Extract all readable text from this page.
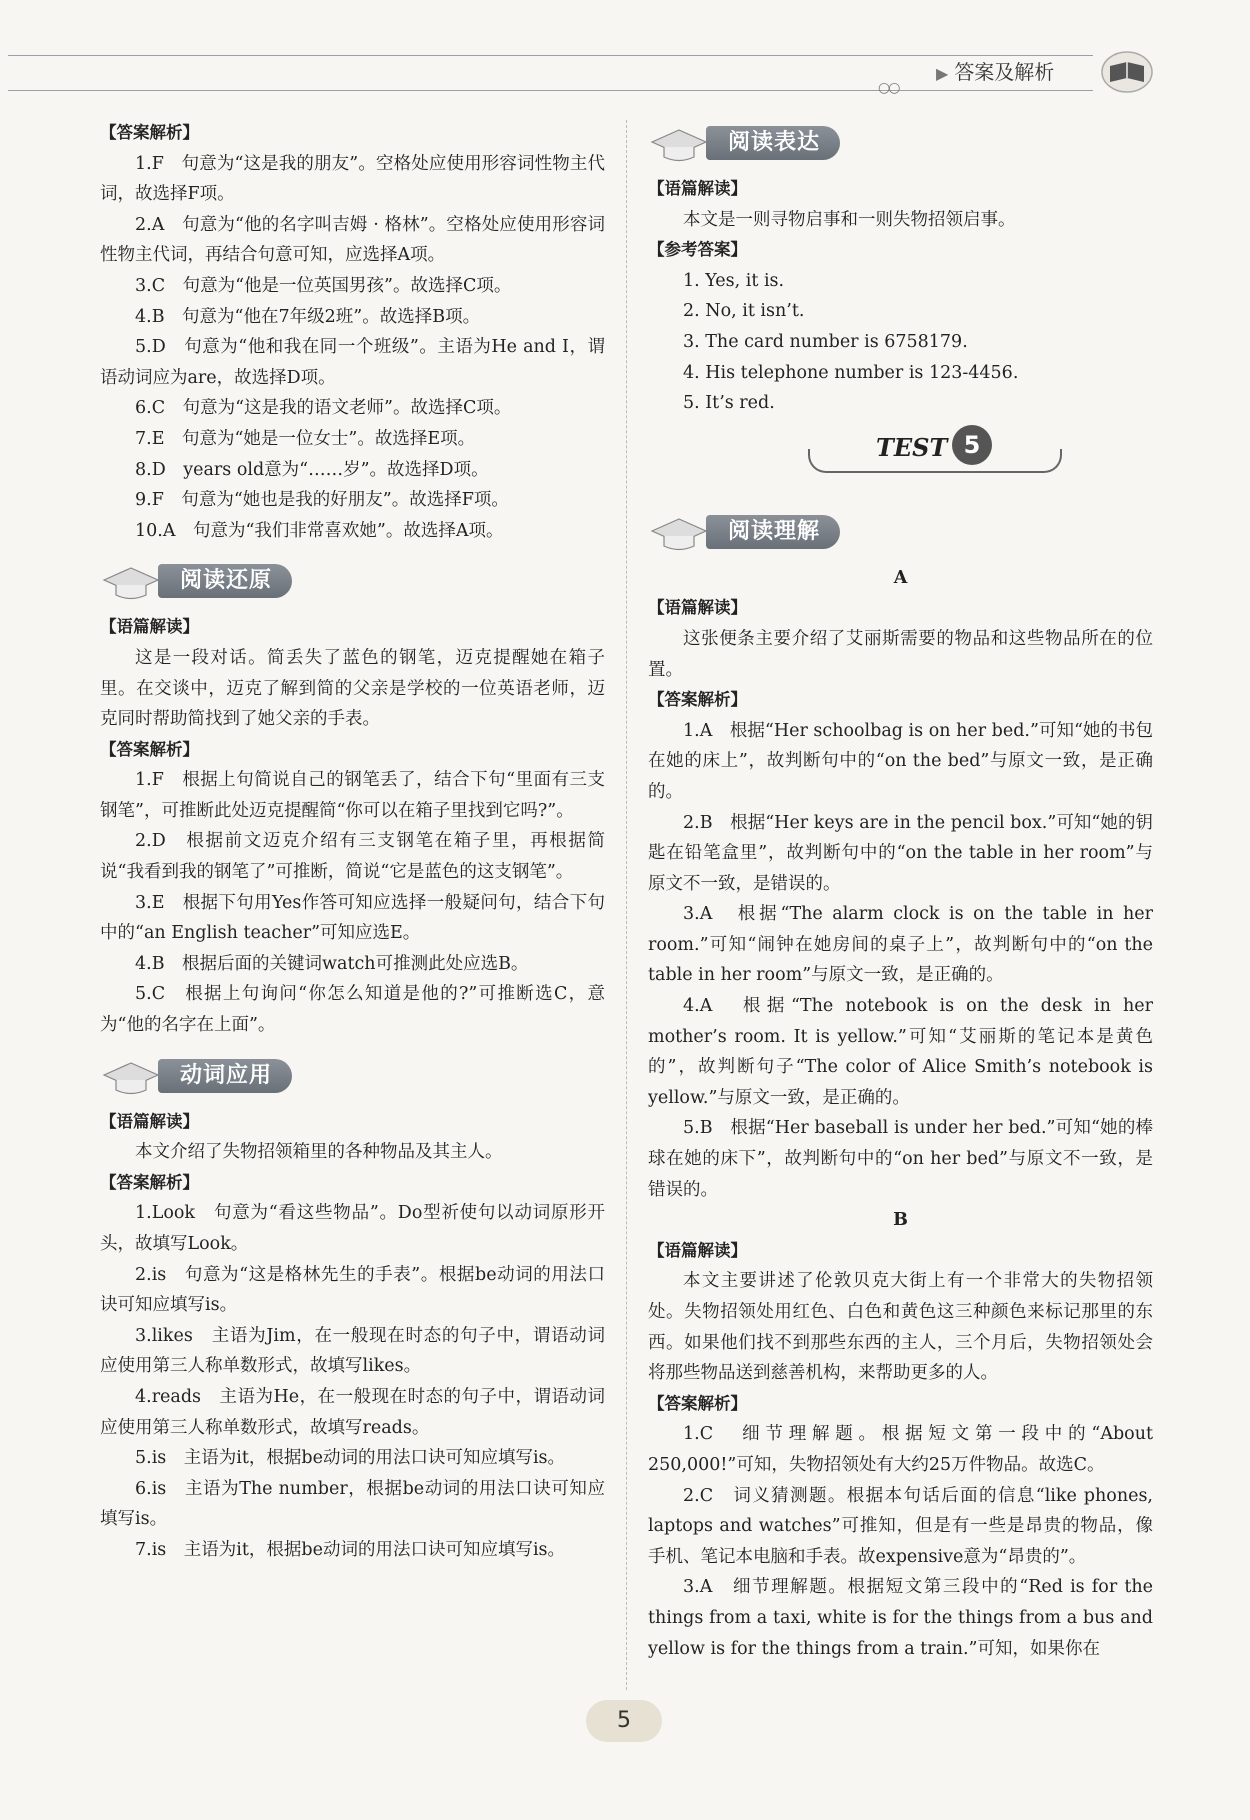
○○
▶ 答案及解析

【答案解析】

1.F　句意为“这是我的朋友”。空格处应使用形容词性物主代词，故选择F项。

2.A　句意为“他的名字叫吉姆 · 格林”。空格处应使用形容词性物主代词，再结合句意可知，应选择A项。

3.C　句意为“他是一位英国男孩”。故选择C项。

4.B　句意为“他在7年级2班”。故选择B项。

5.D　句意为“他和我在同一个班级”。主语为He and I，谓语动词应为are，故选择D项。

6.C　句意为“这是我的语文老师”。故选择C项。

7.E　句意为“她是一位女士”。故选择E项。

8.D　years old意为“……岁”。故选择D项。

9.F　句意为“她也是我的好朋友”。故选择F项。

10.A　句意为“我们非常喜欢她”。故选择A项。

阅读还原

【语篇解读】

这是一段对话。简丢失了蓝色的钢笔，迈克提醒她在箱子里。在交谈中，迈克了解到简的父亲是学校的一位英语老师，迈克同时帮助简找到了她父亲的手表。

【答案解析】

1.F　根据上句简说自己的钢笔丢了，结合下句“里面有三支钢笔”，可推断此处迈克提醒简“你可以在箱子里找到它吗?”。

2.D　根据前文迈克介绍有三支钢笔在箱子里，再根据简说“我看到我的钢笔了”可推断，简说“它是蓝色的这支钢笔”。

3.E　根据下句用Yes作答可知应选择一般疑问句，结合下句中的“an English teacher”可知应选E。

4.B　根据后面的关键词watch可推测此处应选B。

5.C　根据上句询问“你怎么知道是他的?”可推断选C，意为“他的名字在上面”。

动词应用

【语篇解读】

本文介绍了失物招领箱里的各种物品及其主人。

【答案解析】

1.Look　句意为“看这些物品”。Do型祈使句以动词原形开头，故填写Look。

2.is　句意为“这是格林先生的手表”。根据be动词的用法口诀可知应填写is。

3.likes　主语为Jim，在一般现在时态的句子中，谓语动词应使用第三人称单数形式，故填写likes。

4.reads　主语为He，在一般现在时态的句子中，谓语动词应使用第三人称单数形式，故填写reads。

5.is　主语为it，根据be动词的用法口诀可知应填写is。

6.is　主语为The number，根据be动词的用法口诀可知应填写is。

7.is　主语为it，根据be动词的用法口诀可知应填写is。

阅读表达

【语篇解读】

本文是一则寻物启事和一则失物招领启事。

【参考答案】

1. Yes, it is.

2. No, it isn’t.

3. The card number is 6758179.

4. His telephone number is 123-4456.

5. It’s red.

TEST 5
阅读理解

A

【语篇解读】

这张便条主要介绍了艾丽斯需要的物品和这些物品所在的位置。

【答案解析】

1.A　根据“Her schoolbag is on her bed.”可知“她的书包在她的床上”，故判断句中的“on the bed”与原文一致，是正确的。

2.B　根据“Her keys are in the pencil box.”可知“她的钥匙在铅笔盒里”，故判断句中的“on the table in her room”与原文不一致，是错误的。

3.A　根据“The alarm clock is on the table in her room.”可知“闹钟在她房间的桌子上”，故判断句中的“on the table in her room”与原文一致，是正确的。

4.A　根据“The notebook is on the desk in her mother’s room. It is yellow.”可知“艾丽斯的笔记本是黄色的”，故判断句子“The color of Alice Smith’s notebook is yellow.”与原文一致，是正确的。

5.B　根据“Her baseball is under her bed.”可知“她的棒球在她的床下”，故判断句中的“on her bed”与原文不一致，是错误的。

B

【语篇解读】

本文主要讲述了伦敦贝克大街上有一个非常大的失物招领处。失物招领处用红色、白色和黄色这三种颜色来标记那里的东西。如果他们找不到那些东西的主人，三个月后，失物招领处会将那些物品送到慈善机构，来帮助更多的人。

【答案解析】

1.C　细节理解题。根据短文第一段中的“About 250,000!”可知，失物招领处有大约25万件物品。故选C。

2.C　词义猜测题。根据本句话后面的信息“like phones, laptops and watches”可推知，但是有一些是昂贵的物品，像手机、笔记本电脑和手表。故expensive意为“昂贵的”。

3.A　细节理解题。根据短文第三段中的“Red is for the things from a taxi, white is for the things from a bus and yellow is for the things from a train.”可知，如果你在

5
